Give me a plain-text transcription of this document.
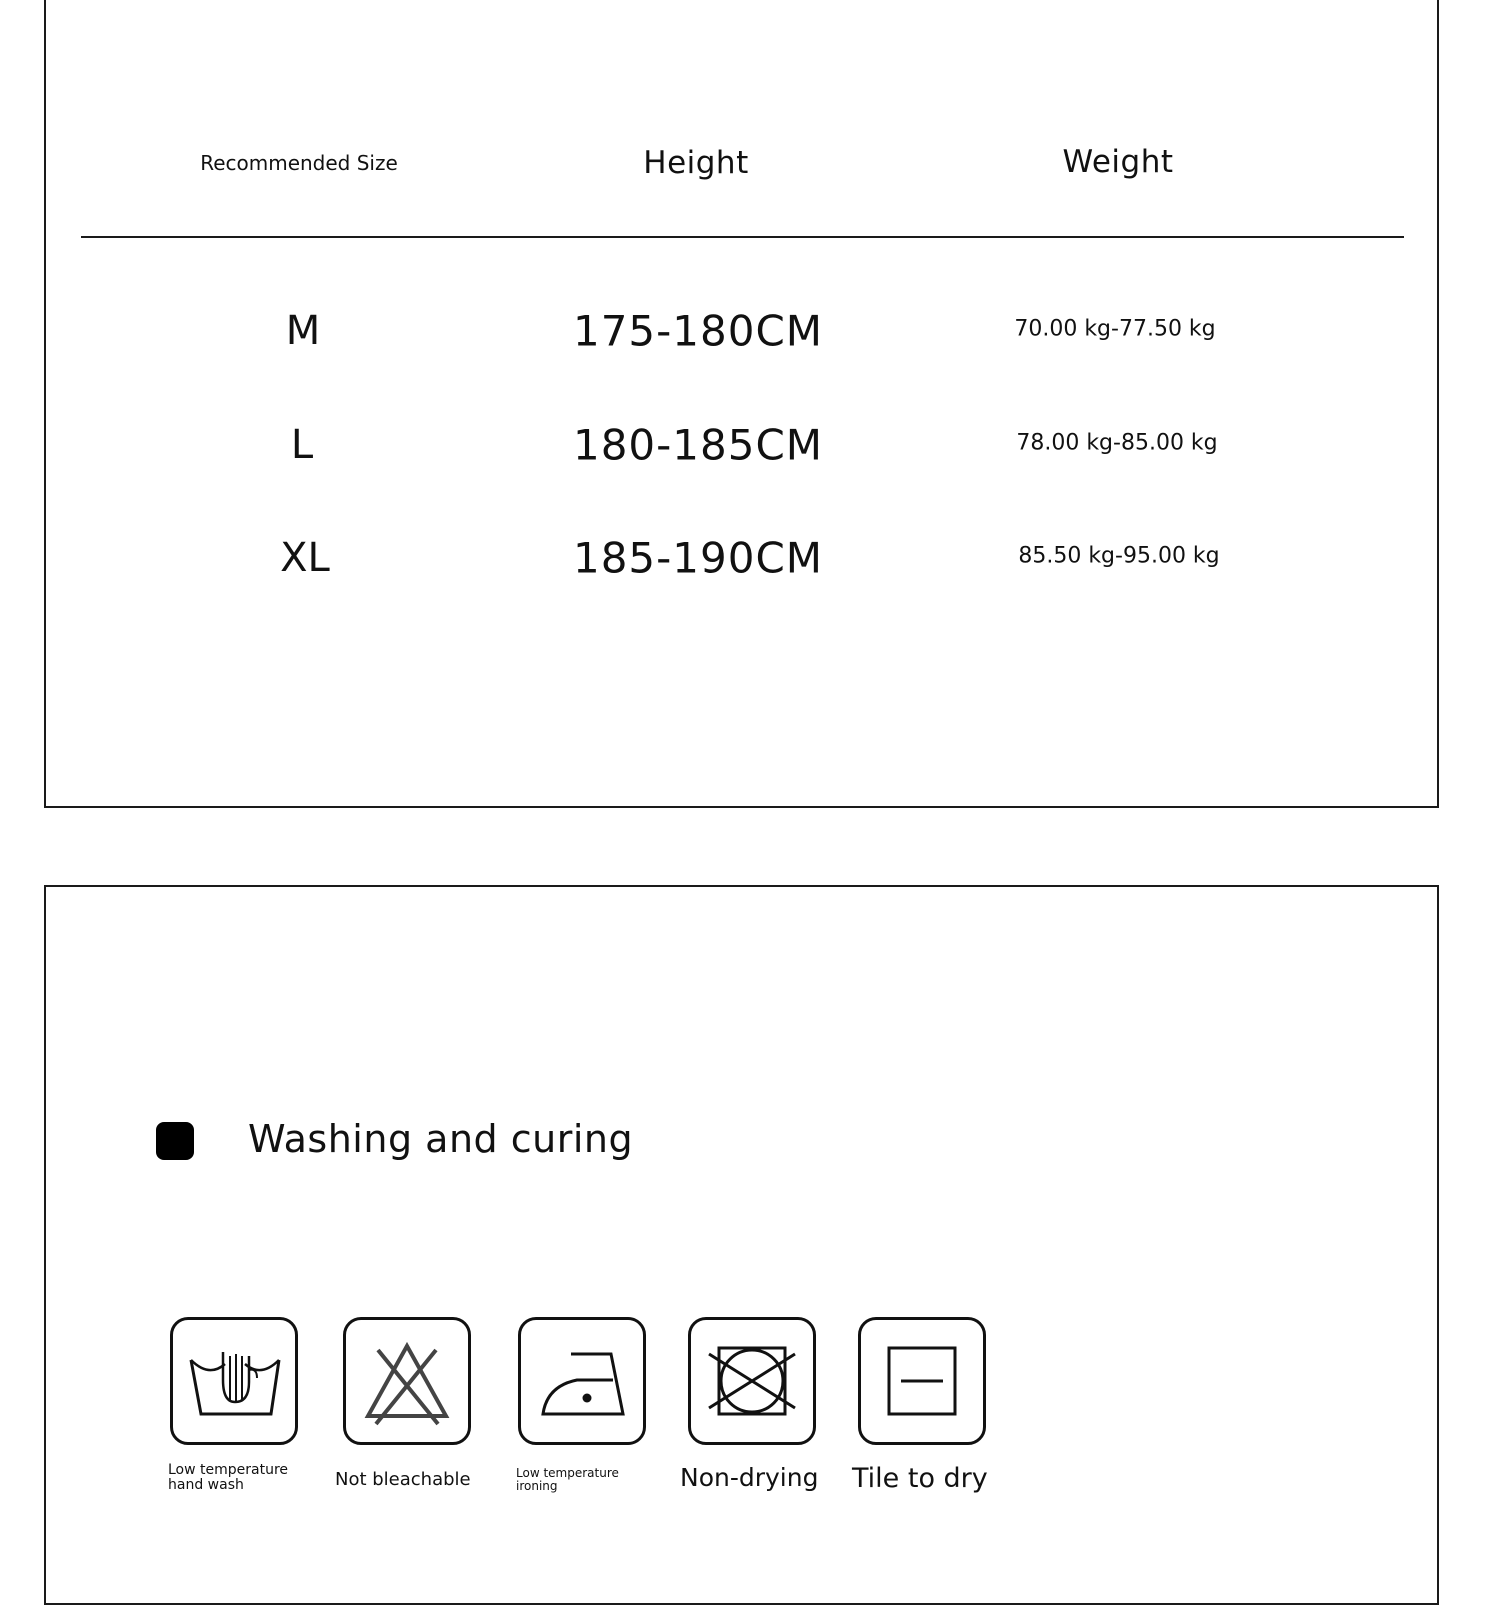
Recommended Size	Height	Weight
M	175-180CM	70.00 kg-77.50 kg
L	180-185CM	78.00 kg-85.00 kg
XL	185-190CM	85.50 kg-95.00 kg
Washing and curing
Low temperature
hand wash	Not bleachable	Low temperature
ironing	Non-drying Tile to dry
